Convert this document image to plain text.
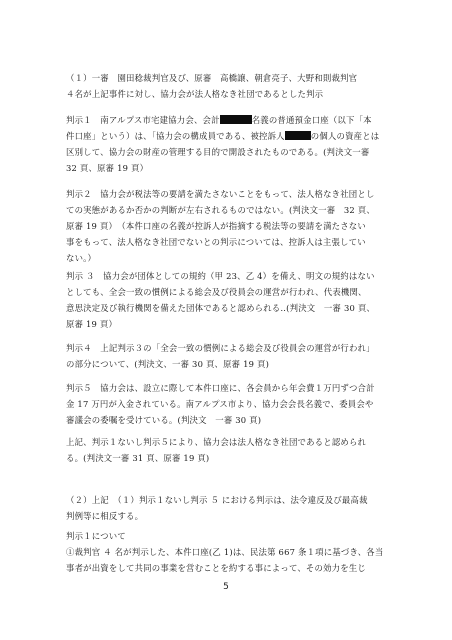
（１）一審　園田稔裁判官及び、原審　高橋譲、朝倉亮子、大野和則裁判官
４名が上記事件に対し、協力会が法人格なき社団であるとした判示
判示１　南アルプス市宅建協力会、会計	名義の普通預金口座（以下「本
件口座」という）は、「協力会の構成員である、被控訴人	の個人の資産とは
区別して、協力会の財産の管理する目的で開設されたものである。(判決文一審
32 頁、原審 19 頁）
判示２　協力会が税法等の要請を満たさないことをもって、法人格なき社団とし
ての実態があるか否かの判断が左右されるものではない。(判決文一審　32 頁、
原審 19 頁）　（本件口座の名義が控訴人が指摘する税法等の要請を満たさない
事をもって、法人格なき社団でないとの判示については、控訴人は主張してい
ない。）
判示 ３　協力会が団体としての規約（甲 23、乙 4）を備え、明文の規約はない
としても、全会一致の慣例による総会及び役員会の運営が行われ、代表機関、
意思決定及び執行機関を備えた団体であると認められる‥(判決文　一審 30 頁、
原審 19 頁）
判示４　上記判示３の「全会一致の慣例による総会及び役員会の運営が行われ」
の部分について、(判決文、一審 30 頁、原審 19 頁)
判示５　協力会は、設立に際して本件口座に、各会員から年会費１万円ずつ合計
金 17 万円が入金されている。南アルプス市より、協力会会長名義で、委員会や
審議会の委嘱を受けている。(判決文　一審 30 頁)
上記、判示１ないし判示５により、協力会は法人格なき社団であると認められ
る。(判決文一審 31 頁、原審 19 頁)
（２）上記　（１）判示１ないし判示 ５ における判示は、法令違反及び最高裁
判例等に相反する。
判示１について
①裁判官 ４ 名が判示した、本件口座(乙 1)は、民法第 667 条１項に基づき、各当
事者が出資をして共同の事業を営むことを約する事によって、その効力を生じ
5
